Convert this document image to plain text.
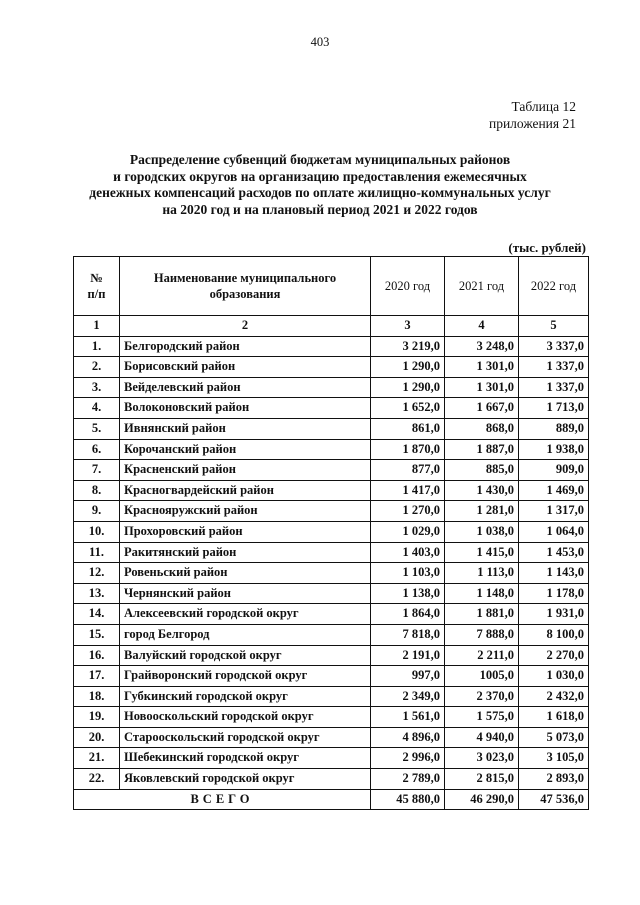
403
Таблица 12
приложения 21
Распределение субвенций бюджетам муниципальных районов
и городских округов на организацию предоставления ежемесячных
денежных компенсаций расходов по оплате жилищно-коммунальных услуг
на 2020 год и на плановый период 2021 и 2022 годов
(тыс. рублей)
№
п/п	Наименование муниципального
образования	2020 год	2021 год	2022 год
1	2	3	4	5
1.	Белгородский район	3 219,0	3 248,0	3 337,0
2.	Борисовский район	1 290,0	1 301,0	1 337,0
3.	Вейделевский район	1 290,0	1 301,0	1 337,0
4.	Волоконовский район	1 652,0	1 667,0	1 713,0
5.	Ивнянский район	861,0	868,0	889,0
6.	Корочанский район	1 870,0	1 887,0	1 938,0
7.	Красненский район	877,0	885,0	909,0
8.	Красногвардейский район	1 417,0	1 430,0	1 469,0
9.	Краснояружский район	1 270,0	1 281,0	1 317,0
10.	Прохоровский район	1 029,0	1 038,0	1 064,0
11.	Ракитянский район	1 403,0	1 415,0	1 453,0
12.	Ровеньский район	1 103,0	1 113,0	1 143,0
13.	Чернянский район	1 138,0	1 148,0	1 178,0
14.	Алексеевский городской округ	1 864,0	1 881,0	1 931,0
15.	город Белгород	7 818,0	7 888,0	8 100,0
16.	Валуйский городской округ	2 191,0	2 211,0	2 270,0
17.	Грайворонский городской округ	997,0	1005,0	1 030,0
18.	Губкинский городской округ	2 349,0	2 370,0	2 432,0
19.	Новооскольский городской округ	1 561,0	1 575,0	1 618,0
20.	Старооскольский городской округ	4 896,0	4 940,0	5 073,0
21.	Шебекинский городской округ	2 996,0	3 023,0	3 105,0
22.	Яковлевский городской округ	2 789,0	2 815,0	2 893,0
ВСЕГО		45 880,0	46 290,0	47 536,0
